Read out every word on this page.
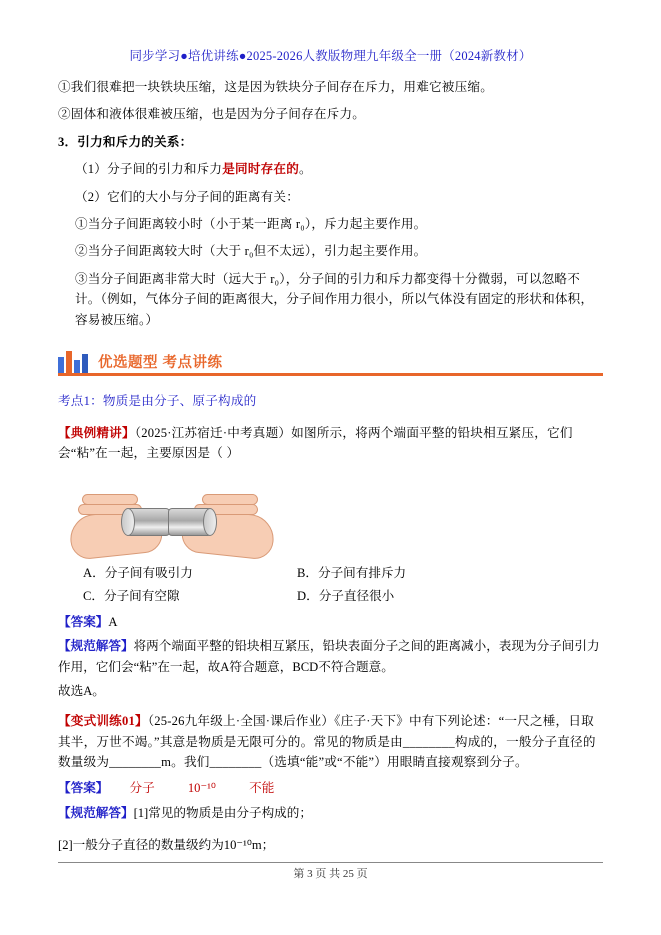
同步学习●培优讲练●2025-2026人教版物理九年级全一册（2024新教材）

①我们很难把一块铁块压缩，这是因为铁块分子间存在斥力，用难它被压缩。

②固体和液体很难被压缩，也是因为分子间存在斥力。

3．引力和斥力的关系：

（1）分子间的引力和斥力是同时存在的。

（2）它们的大小与分子间的距离有关：

①当分子间距离较小时（小于某一距离 r₀），斥力起主要作用。

②当分子间距离较大时（大于 r₀但不太远），引力起主要作用。

③当分子间距离非常大时（远大于 r₀），分子间的引力和斥力都变得十分微弱，可以忽略不计。（例如，气体分子间的距离很大，分子间作用力很小，所以气体没有固定的形状和体积，容易被压缩。）

优选题型 考点讲练
考点1：物质是由分子、原子构成的
【典例精讲】（2025·江苏宿迁·中考真题）如图所示，将两个端面平整的铅块相互紧压，它们会“粘”在一起，主要原因是（ ）
A．分子间有吸引力	B．分子间有排斥力
C．分子间有空隙	D．分子直径很小
【答案】A
【规范解答】将两个端面平整的铅块相互紧压，铅块表面分子之间的距离减小，表现为分子间引力作用，它们会“粘”在一起，故A符合题意，BCD不符合题意。
故选A。
【变式训练01】（25-26九年级上·全国·课后作业）《庄子·天下》中有下列论述：“一尺之棰，日取其半，万世不竭。”其意是物质是无限可分的。常见的物质是由________构成的，一般分子直径的数量级为________m。我们________（选填“能”或“不能”）用眼睛直接观察到分子。
【答案】 分子	10⁻¹⁰	不能
【规范解答】[1]常见的物质是由分子构成的；
[2]一般分子直径的数量级约为10⁻¹⁰m；
第 3 页 共 25 页
